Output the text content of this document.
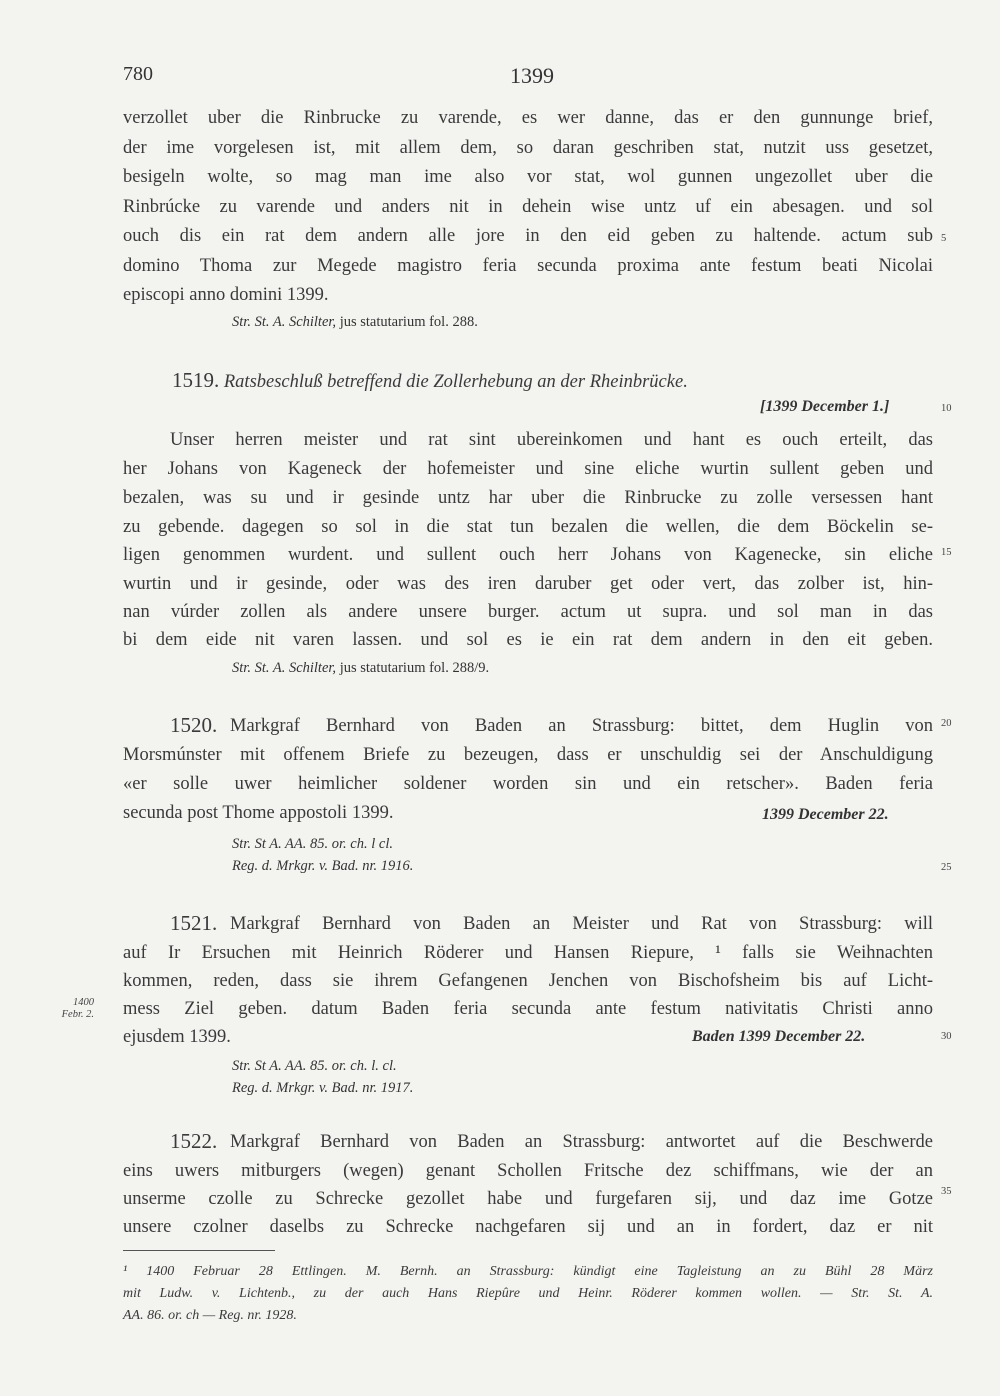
780	1399
verzollet uber die Rinbrucke zu varende, es wer danne, das er den gunnunge brief,
der ime vorgelesen ist, mit allem dem, so daran geschriben stat, nutzit uss gesetzet,
besigeln wolte, so mag man ime also vor stat, wol gunnen ungezollet uber die
Rinbrúcke zu varende und anders nit in dehein wise untz uf ein abesagen. und sol
ouch dis ein rat dem andern alle jore in den eid geben zu haltende. actum sub
domino Thoma zur Megede magistro feria secunda proxima ante festum beati Nicolai
episcopi anno domini 1399.
Str. St. A. Schilter, jus statutarium fol. 288.
1519. Ratsbeschluß betreffend die Zollerhebung an der Rheinbrücke.
[1399 December 1.]
Unser herren meister und rat sint ubereinkomen und hant es ouch erteilt, das
her Johans von Kageneck der hofemeister und sine eliche wurtin sullent geben und
bezalen, was su und ir gesinde untz har uber die Rinbrucke zu zolle versessen hant
zu gebende. dagegen so sol in die stat tun bezalen die wellen, die dem Böckelin se-
ligen genommen wurdent. und sullent ouch herr Johans von Kagenecke, sin eliche
wurtin und ir gesinde, oder was des iren daruber get oder vert, das zolber ist, hin-
nan vúrder zollen als andere unsere burger. actum ut supra. und sol man in das
bi dem eide nit varen lassen. und sol es ie ein rat dem andern in den eit geben.
Str. St. A. Schilter, jus statutarium fol. 288/9.
1520. Markgraf Bernhard von Baden an Strassburg: bittet, dem Huglin von
Morsmúnster mit offenem Briefe zu bezeugen, dass er unschuldig sei der Anschuldigung
«er solle uwer heimlicher soldener worden sin und ein retscher». Baden feria
secunda post Thome appostoli 1399.	1399 December 22.
Str. St A. AA. 85. or. ch. l cl.
Reg. d. Mrkgr. v. Bad. nr. 1916.
1521. Markgraf Bernhard von Baden an Meister und Rat von Strassburg: will
auf Ir Ersuchen mit Heinrich Röderer und Hansen Riepure, ¹ falls sie Weihnachten
kommen, reden, dass sie ihrem Gefangenen Jenchen von Bischofsheim bis auf Licht-
mess Ziel geben. datum Baden feria secunda ante festum nativitatis Christi anno
ejusdem 1399.	Baden 1399 December 22.
1400
Febr. 2.
Str. St A. AA. 85. or. ch. l. cl.
Reg. d. Mrkgr. v. Bad. nr. 1917.
1522. Markgraf Bernhard von Baden an Strassburg: antwortet auf die Beschwerde
eins uwers mitburgers (wegen) genant Schollen Fritsche dez schiffmans, wie der an
unserme czolle zu Schrecke gezollet habe und furgefaren sij, und daz ime Gotze
unsere czolner daselbs zu Schrecke nachgefaren sij und an in fordert, daz er nit
¹ 1400 Februar 28 Ettlingen. M. Bernh. an Strassburg: kündigt eine Tagleistung an zu Bühl 28 März
mit Ludw. v. Lichtenb., zu der auch Hans Riepûre und Heinr. Röderer kommen wollen. — Str. St. A.
AA. 86. or. ch — Reg. nr. 1928.
5
10
15
20
25
30
35
